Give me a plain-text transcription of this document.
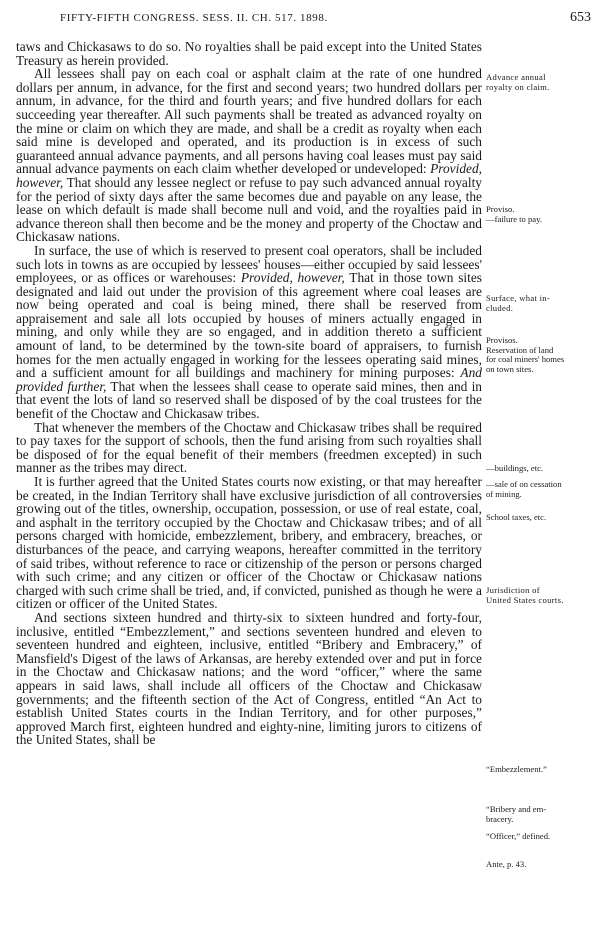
FIFTY-FIFTH CONGRESS. SESS. II. CH. 517. 1898.	653

taws and Chickasaws to do so. No royalties shall be paid except into the United States Treasury as herein provided.

All lessees shall pay on each coal or asphalt claim at the rate of one hundred dollars per annum, in advance, for the first and second years; two hundred dollars per annum, in advance, for the third and fourth years; and five hundred dollars for each succeeding year thereafter. All such payments shall be treated as advanced royalty on the mine or claim on which they are made, and shall be a credit as royalty when each said mine is developed and operated, and its production is in excess of such guaranteed annual advance payments, and all persons having coal leases must pay said annual advance payments on each claim whether developed or undeveloped: Provided, however, That should any lessee neglect or refuse to pay such advanced annual royalty for the period of sixty days after the same becomes due and payable on any lease, the lease on which default is made shall become null and void, and the royalties paid in advance thereon shall then become and be the money and property of the Choctaw and Chickasaw nations.

In surface, the use of which is reserved to present coal operators, shall be included such lots in towns as are occupied by lessees' houses—either occupied by said lessees' employees, or as offices or warehouses: Provided, however, That in those town sites designated and laid out under the provision of this agreement where coal leases are now being operated and coal is being mined, there shall be reserved from appraisement and sale all lots occupied by houses of miners actually engaged in mining, and only while they are so engaged, and in addition thereto a sufficient amount of land, to be determined by the town-site board of appraisers, to furnish homes for the men actually engaged in working for the lessees operating said mines, and a sufficient amount for all buildings and machinery for mining purposes: And provided further, That when the lessees shall cease to operate said mines, then and in that event the lots of land so reserved shall be disposed of by the coal trustees for the benefit of the Choctaw and Chickasaw tribes.

That whenever the members of the Choctaw and Chickasaw tribes shall be required to pay taxes for the support of schools, then the fund arising from such royalties shall be disposed of for the equal benefit of their members (freedmen excepted) in such manner as the tribes may direct.

It is further agreed that the United States courts now existing, or that may hereafter be created, in the Indian Territory shall have exclusive jurisdiction of all controversies growing out of the titles, ownership, occupation, possession, or use of real estate, coal, and asphalt in the territory occupied by the Choctaw and Chickasaw tribes; and of all persons charged with homicide, embezzlement, bribery, and embracery, breaches, or disturbances of the peace, and carrying weapons, hereafter committed in the territory of said tribes, without reference to race or citizenship of the person or persons charged with such crime; and any citizen or officer of the Choctaw or Chickasaw nations charged with such crime shall be tried, and, if convicted, punished as though he were a citizen or officer of the United States.

And sections sixteen hundred and thirty-six to sixteen hundred and forty-four, inclusive, entitled “Embezzlement,” and sections seventeen hundred and eleven to seventeen hundred and eighteen, inclusive, entitled “Bribery and Embracery,” of Mansfield's Digest of the laws of Arkansas, are hereby extended over and put in force in the Choctaw and Chickasaw nations; and the word “officer,” where the same appears in said laws, shall include all officers of the Choctaw and Chickasaw governments; and the fifteenth section of the Act of Congress, entitled “An Act to establish United States courts in the Indian Territory, and for other purposes,” approved March first, eighteen hundred and eighty-nine, limiting jurors to citizens of the United States, shall be

Advance annual
royalty on claim.
Proviso.
—failure to pay.
Surface, what in-
cluded.
Provisos.
Reservation of land
for coal miners' homes
on town sites.
—buildings, etc.
—sale of on cessation
of mining.
School taxes, etc.
Jurisdiction of
United States courts.
“Embezzlement.”
“Bribery and em-
bracery.
“Officer,” defined.
Ante, p. 43.
